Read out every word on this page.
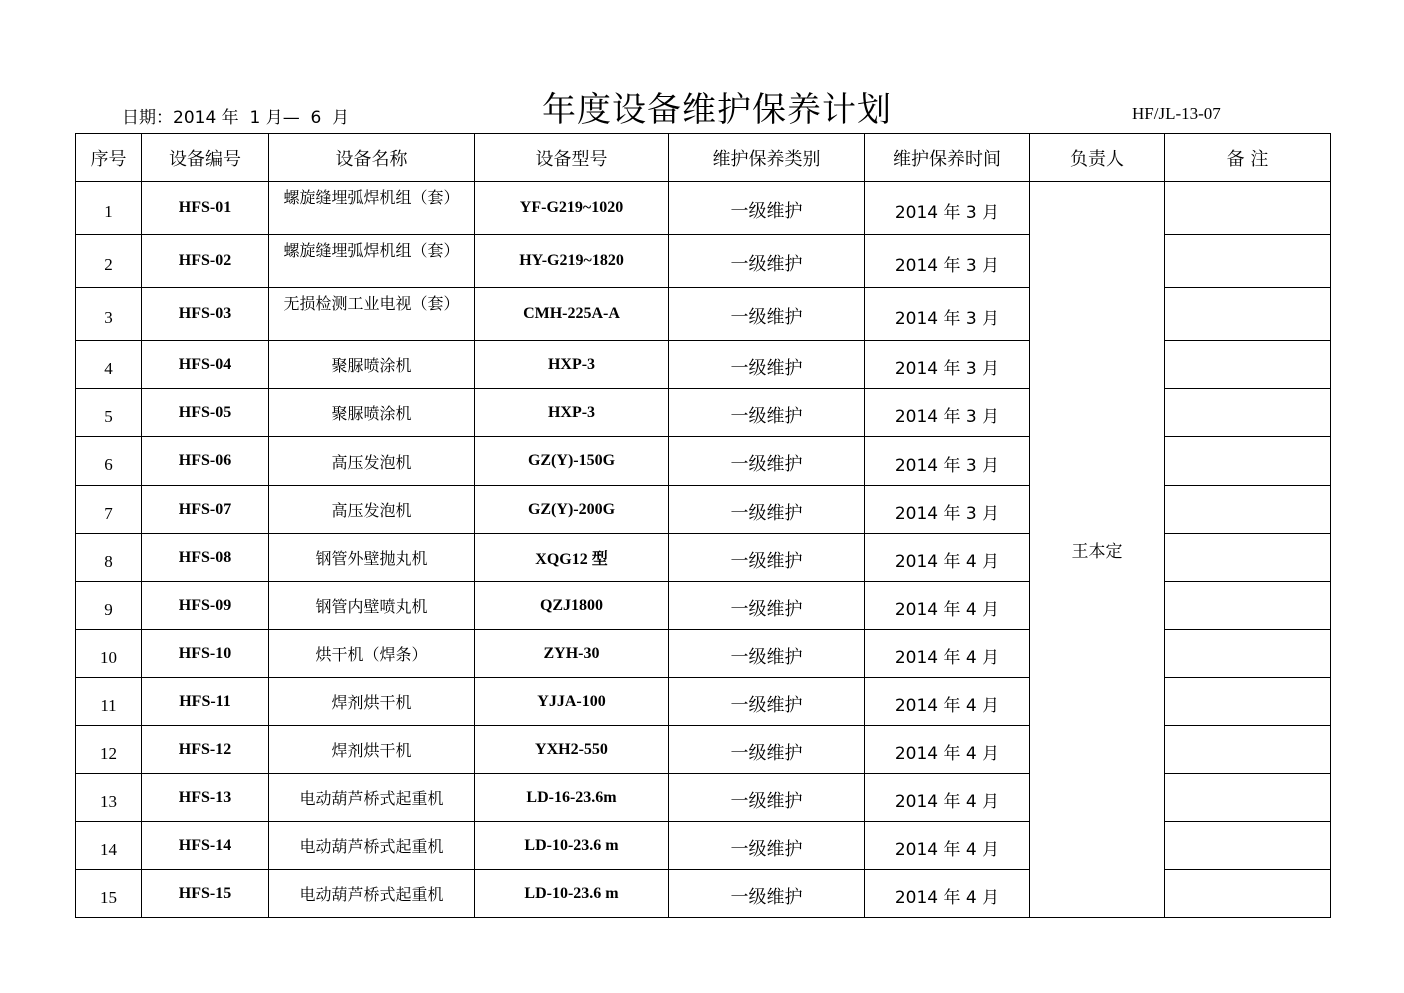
日期：2014 年  1 月—  6  月	年度设备维护保养计划	HF/JL-13-07
序号	设备编号	设备名称	设备型号	维护保养类别	维护保养时间	负责人	备 注
1	HFS-01	螺旋缝埋弧焊机组（套）	YF-G219~1020	一级维护	2014 年 3 月	王本定	
2	HFS-02	螺旋缝埋弧焊机组（套）	HY-G219~1820	一级维护	2014 年 3 月		
3	HFS-03	无损检测工业电视（套）	CMH-225A-A	一级维护	2014 年 3 月		
4	HFS-04	聚脲喷涂机	HXP-3	一级维护	2014 年 3 月		
5	HFS-05	聚脲喷涂机	HXP-3	一级维护	2014 年 3 月		
6	HFS-06	高压发泡机	GZ(Y)-150G	一级维护	2014 年 3 月		
7	HFS-07	高压发泡机	GZ(Y)-200G	一级维护	2014 年 3 月		
8	HFS-08	钢管外壁抛丸机	XQG12 型	一级维护	2014 年 4 月		
9	HFS-09	钢管内壁喷丸机	QZJ1800	一级维护	2014 年 4 月		
10	HFS-10	烘干机（焊条）	ZYH-30	一级维护	2014 年 4 月		
11	HFS-11	焊剂烘干机	YJJA-100	一级维护	2014 年 4 月		
12	HFS-12	焊剂烘干机	YXH2-550	一级维护	2014 年 4 月		
13	HFS-13	电动葫芦桥式起重机	LD-16-23.6m	一级维护	2014 年 4 月		
14	HFS-14	电动葫芦桥式起重机	LD-10-23.6 m	一级维护	2014 年 4 月		
15	HFS-15	电动葫芦桥式起重机	LD-10-23.6 m	一级维护	2014 年 4 月		
